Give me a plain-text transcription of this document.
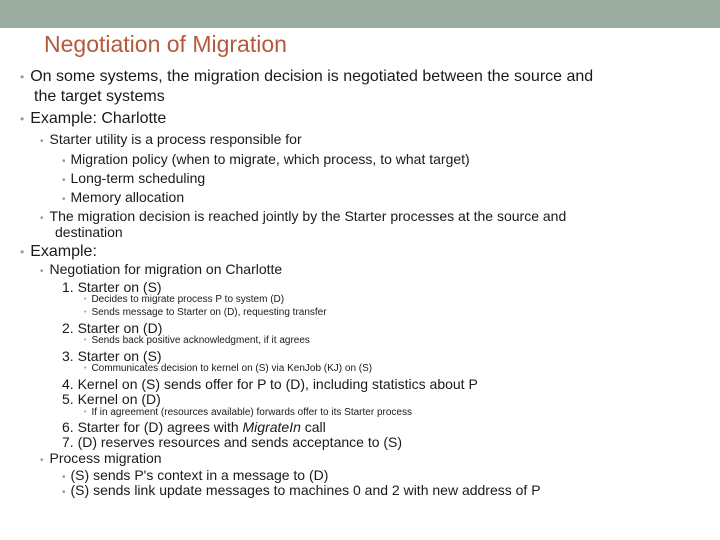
Negotiation of Migration
• On some systems, the migration decision is negotiated between the source and
the target systems
• Example: Charlotte
• Starter utility is a process responsible for
• Migration policy (when to migrate, which process, to what target)
• Long-term scheduling
• Memory allocation
• The migration decision is reached jointly by the Starter processes at the source and
destination
• Example:
• Negotiation for migration on Charlotte
1. Starter on (S)
• Decides to migrate process P to system (D)
• Sends message to Starter on (D), requesting transfer
2. Starter on (D)
• Sends back positive acknowledgment, if it agrees
3. Starter on (S)
• Communicates decision to kernel on (S) via KenJob (KJ) on (S)
4. Kernel on (S) sends offer for P to (D), including statistics about P
5. Kernel on (D)
• If in agreement (resources available) forwards offer to its Starter process
6. Starter for (D) agrees with MigrateIn call
7. (D) reserves resources and sends acceptance to (S)
• Process migration
• (S) sends P's context in a message to (D)
• (S) sends link update messages to machines 0 and 2 with new address of P
